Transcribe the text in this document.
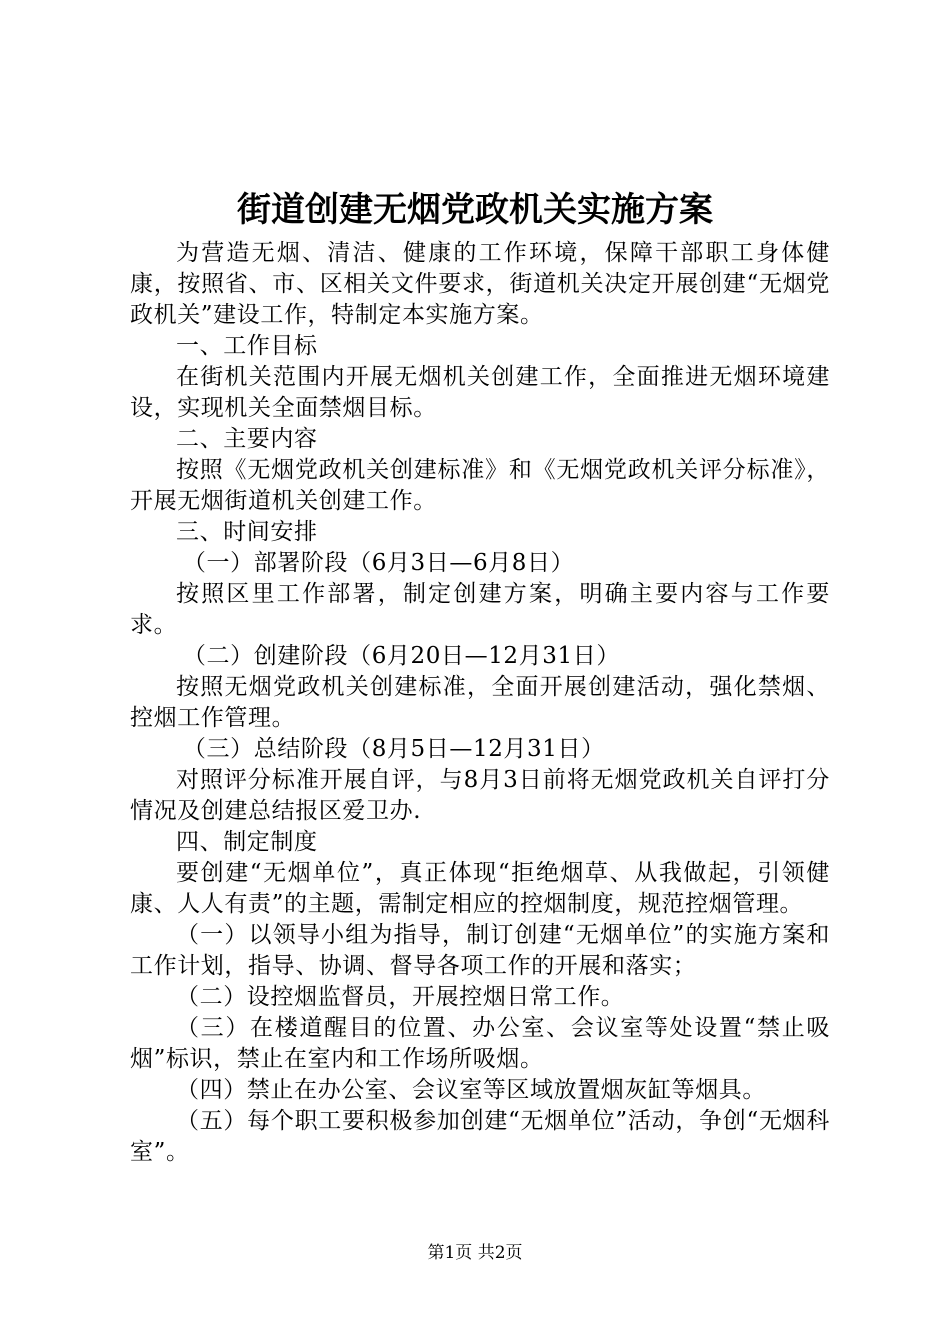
街道创建无烟党政机关实施方案

为营造无烟、清洁、健康的工作环境，保障干部职工身体健康，按照省、市、区相关文件要求，街道机关决定开展创建“无烟党政机关”建设工作，特制定本实施方案。

一、工作目标

在街机关范围内开展无烟机关创建工作，全面推进无烟环境建设，实现机关全面禁烟目标。

二、主要内容

按照《无烟党政机关创建标准》和《无烟党政机关评分标准》，开展无烟街道机关创建工作。

三、时间安排

（一）部署阶段（6月3日—6月8日）

按照区里工作部署，制定创建方案，明确主要内容与工作要求。

（二）创建阶段（6月20日—12月31日）

按照无烟党政机关创建标准，全面开展创建活动，强化禁烟、控烟工作管理。

（三）总结阶段（8月5日—12月31日）

对照评分标准开展自评，与8月3日前将无烟党政机关自评打分情况及创建总结报区爱卫办.

四、制定制度

要创建“无烟单位”，真正体现“拒绝烟草、从我做起，引领健康、人人有责”的主题，需制定相应的控烟制度，规范控烟管理。

（一）以领导小组为指导，制订创建“无烟单位”的实施方案和工作计划，指导、协调、督导各项工作的开展和落实；

（二）设控烟监督员，开展控烟日常工作。

（三）在楼道醒目的位置、办公室、会议室等处设置“禁止吸烟”标识，禁止在室内和工作场所吸烟。

（四）禁止在办公室、会议室等区域放置烟灰缸等烟具。

（五）每个职工要积极参加创建“无烟单位”活动，争创“无烟科室”。

第1页 共2页
